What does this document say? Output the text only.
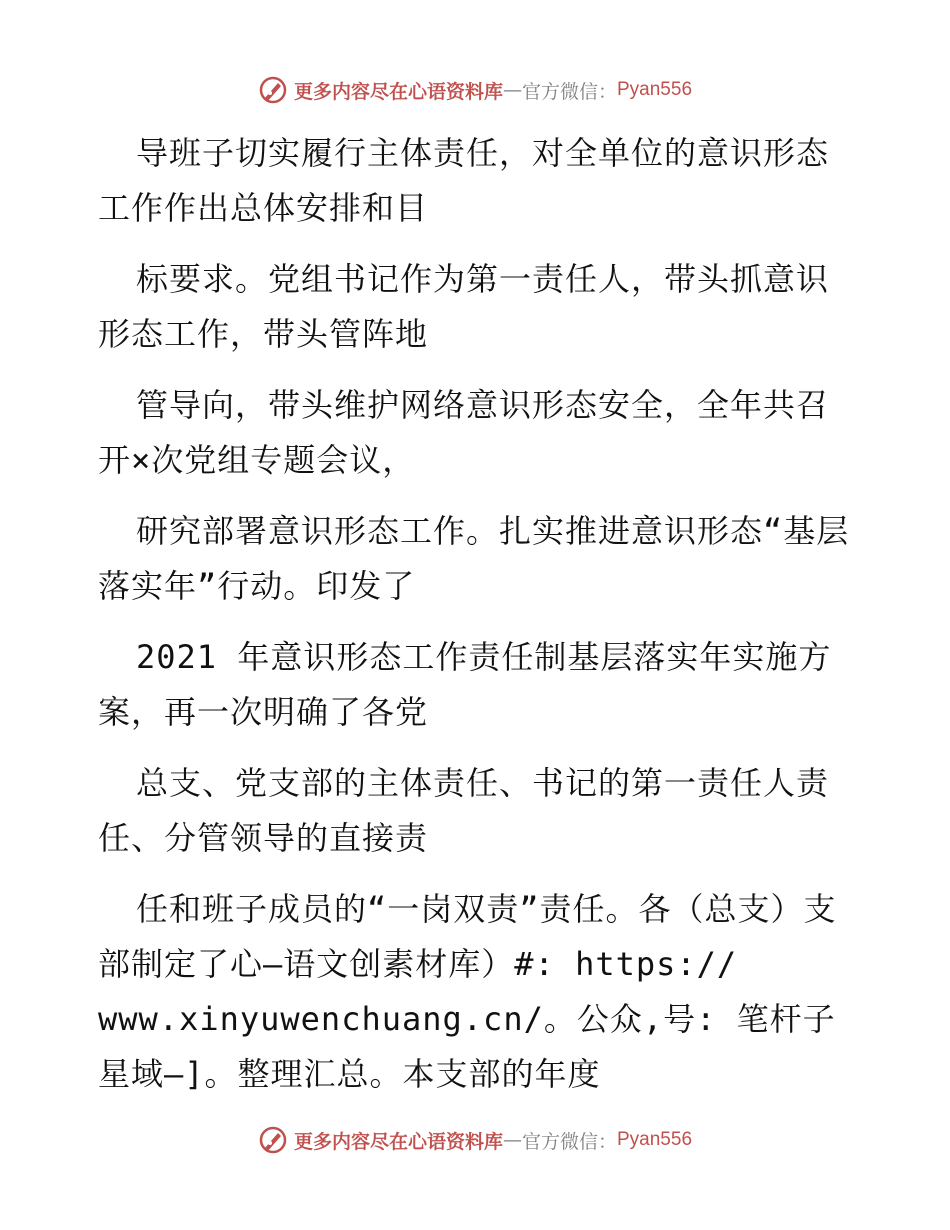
更多内容尽在心语资料库 — 官方微信： Pyan556

导班子切实履行主体责任，对全单位的意识形态工作作出总体安排和目

标要求。党组书记作为第一责任人，带头抓意识形态工作，带头管阵地

管导向，带头维护网络意识形态安全，全年共召开×次党组专题会议，

研究部署意识形态工作。扎实推进意识形态“基层落实年”行动。印发了

2021 年意识形态工作责任制基层落实年实施方案，再一次明确了各党

总支、党支部的主体责任、书记的第一责任人责任、分管领导的直接责

任和班子成员的“一岗双责”责任。各（总支）支部制定了心—语文创素材库）#: https:// www.xinyuwenchuang.cn/。公众,号: 笔杆子星域—]。整理汇总。本支部的年度

更多内容尽在心语资料库 — 官方微信： Pyan556
